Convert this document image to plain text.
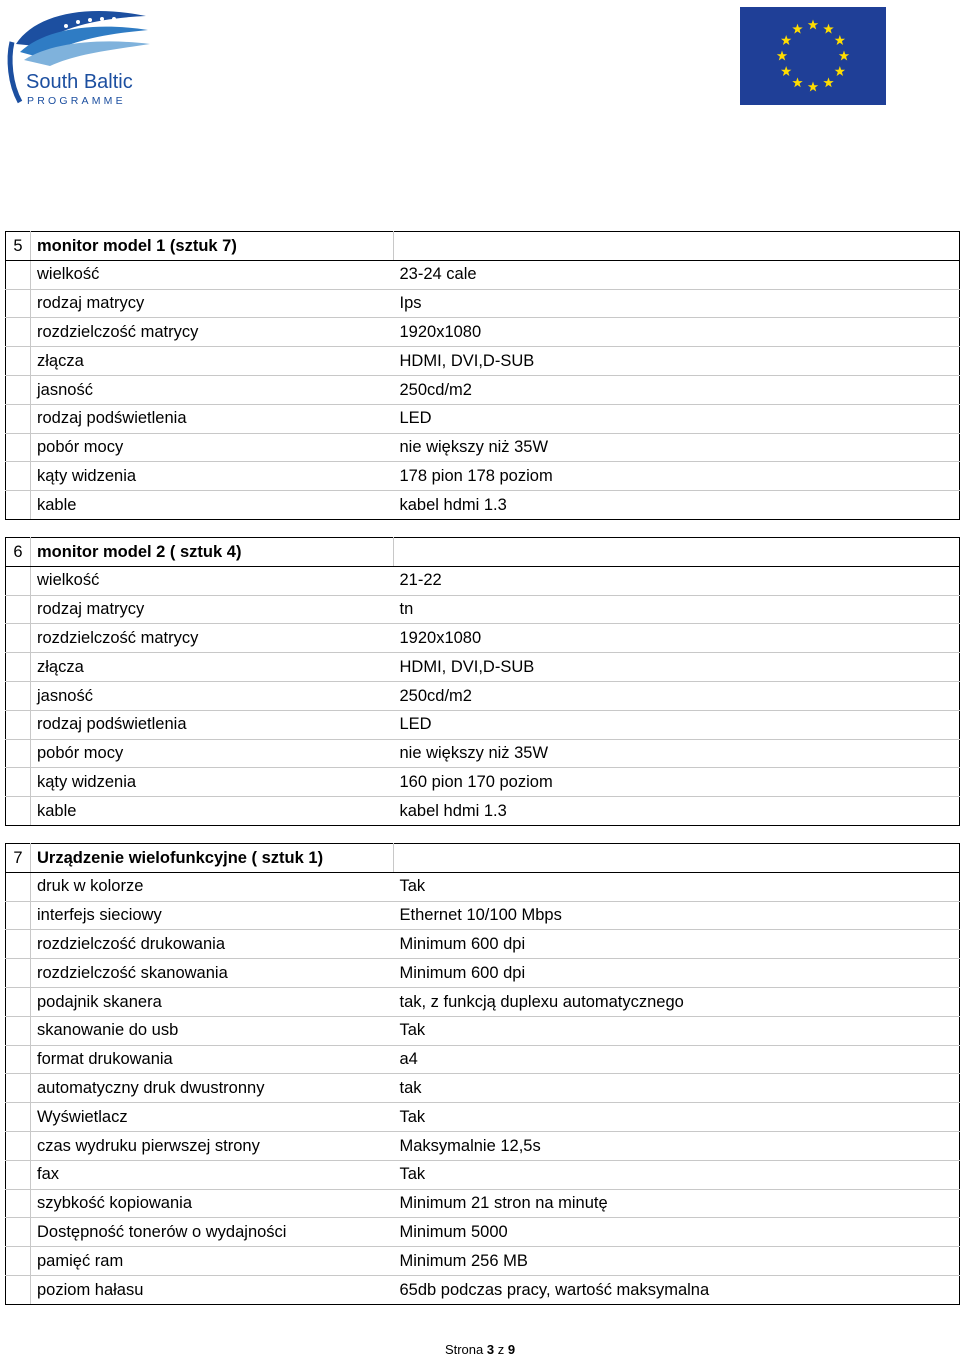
South Baltic
PROGRAMME
5	monitor model 1 (sztuk 7)	
	wielkość	23-24 cale
	rodzaj matrycy	Ips
	rozdzielczość matrycy	1920x1080
	złącza	HDMI, DVI,D-SUB
	jasność	250cd/m2
	rodzaj podświetlenia	LED
	pobór mocy	nie większy niż 35W
	kąty widzenia	178 pion 178 poziom
	kable	kabel hdmi 1.3
6	monitor model 2 ( sztuk 4)	
	wielkość	21-22
	rodzaj matrycy	tn
	rozdzielczość matrycy	1920x1080
	złącza	HDMI, DVI,D-SUB
	jasność	250cd/m2
	rodzaj podświetlenia	LED
	pobór mocy	nie większy niż 35W
	kąty widzenia	160 pion 170 poziom
	kable	kabel hdmi 1.3
7	Urządzenie wielofunkcyjne ( sztuk 1)	
	druk w kolorze	Tak
	interfejs sieciowy	Ethernet 10/100 Mbps
	rozdzielczość drukowania	Minimum 600 dpi
	rozdzielczość skanowania	Minimum 600 dpi
	podajnik skanera	tak, z funkcją duplexu automatycznego
	skanowanie do usb	Tak
	format drukowania	a4
	automatyczny druk dwustronny	tak
	Wyświetlacz	Tak
	czas wydruku pierwszej strony	Maksymalnie 12,5s
	fax	Tak
	szybkość kopiowania	Minimum 21 stron na minutę
	Dostępność tonerów o wydajności	Minimum 5000
	pamięć ram	Minimum 256 MB
	poziom hałasu	65db podczas pracy, wartość maksymalna
Strona 3 z 9
